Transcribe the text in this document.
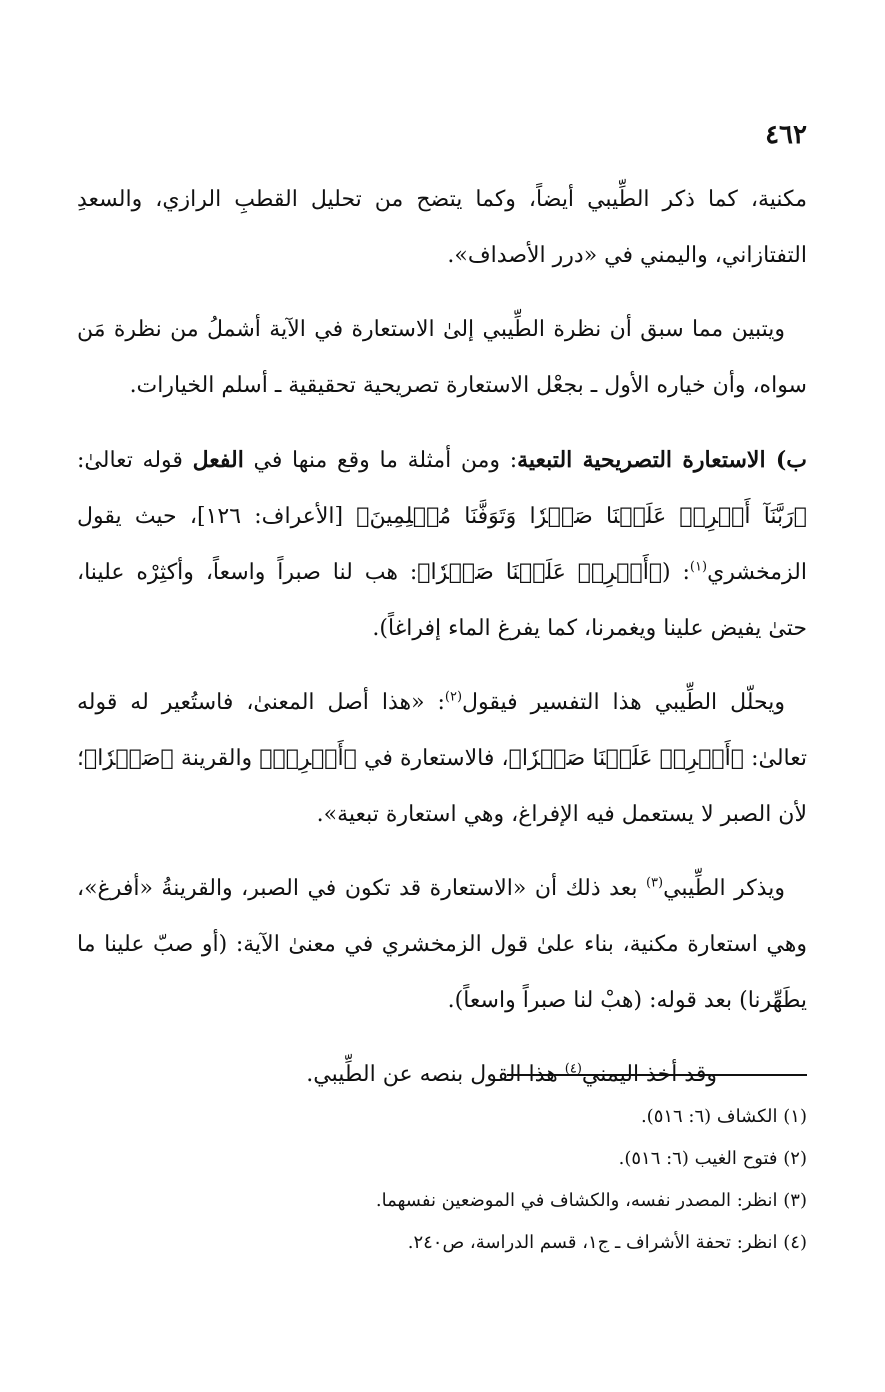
٤٦٢

مكنية، كما ذكر الطِّيبي أيضاً، وكما يتضح من تحليل القطبِ الرازي، والسعدِ التفتازاني، واليمني في «درر الأصداف».

ويتبين مما سبق أن نظرة الطِّيبي إلىٰ الاستعارة في الآية أشملُ من نظرة مَن سواه، وأن خياره الأول ـ بجعْل الاستعارة تصريحية تحقيقية ـ أسلم الخيارات.

ب) الاستعارة التصريحية التبعية: ومن أمثلة ما وقع منها في الفعل قوله تعالىٰ: ﴿رَبَّنَآ أَفۡرِغۡ عَلَيۡنَا صَبۡرٗا وَتَوَفَّنَا مُسۡلِمِينَ﴾ [الأعراف: ١٢٦]، حيث يقول الزمخشري$^{(١)}$: (﴿أَفۡرِغۡ عَلَيۡنَا صَبۡرٗا﴾: هب لنا صبراً واسعاً، وأكثِرْه علينا، حتىٰ يفيض علينا ويغمرنا، كما يفرغ الماء إفراغاً).

ويحلّل الطِّيبي هذا التفسير فيقول$^{(٢)}$: «هذا أصل المعنىٰ، فاستُعير له قوله تعالىٰ: ﴿أَفۡرِغۡ عَلَيۡنَا صَبۡرٗا﴾، فالاستعارة في ﴿أَفۡرِغۡ﴾ والقرينة ﴿صَبۡرٗا﴾؛ لأن الصبر لا يستعمل فيه الإفراغ، وهي استعارة تبعية».

ويذكر الطِّيبي$^{(٣)}$ بعد ذلك أن «الاستعارة قد تكون في الصبر، والقرينةُ «أفرغ»، وهي استعارة مكنية، بناء علىٰ قول الزمخشري في معنىٰ الآية: (أو صبّ علينا ما يطَهِّرنا) بعد قوله: (هبْ لنا صبراً واسعاً).

وقد أخذ اليمني$^{(٤)}$ هذا القول بنصه عن الطِّيبي.

(١) الكشاف (٦: ٥١٦).
(٢) فتوح الغيب (٦: ٥١٦).
(٣) انظر: المصدر نفسه، والكشاف في الموضعين نفسهما.
(٤) انظر: تحفة الأشراف ـ ج١، قسم الدراسة، ص٢٤٠.
